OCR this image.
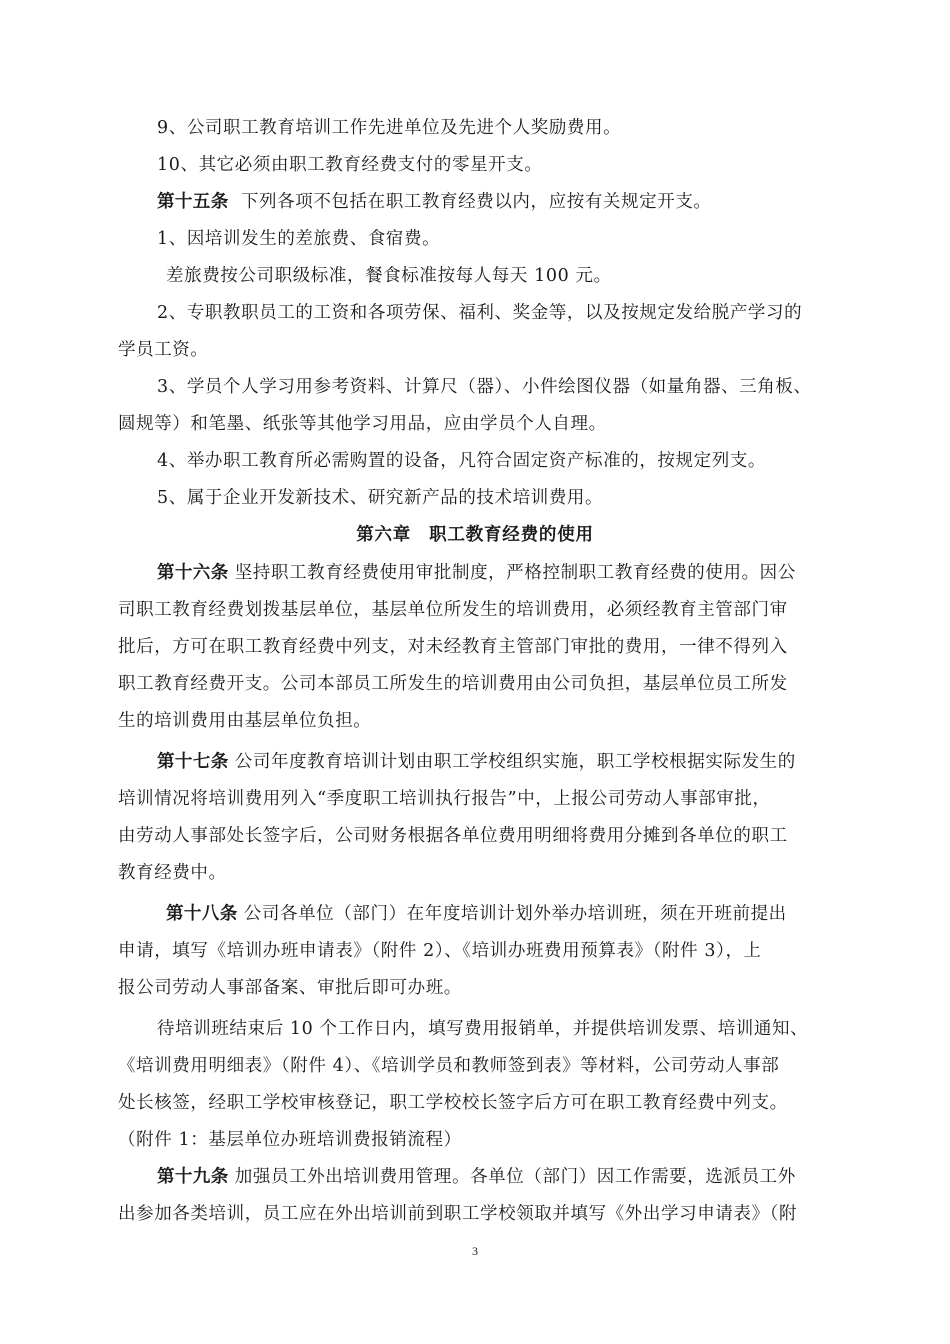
9、公司职工教育培训工作先进单位及先进个人奖励费用。
10、其它必须由职工教育经费支付的零星开支。
第十五条 下列各项不包括在职工教育经费以内，应按有关规定开支。
1、因培训发生的差旅费、食宿费。
差旅费按公司职级标准，餐食标准按每人每天 100 元。
2、专职教职员工的工资和各项劳保、福利、奖金等，以及按规定发给脱产学习的
学员工资。
3、学员个人学习用参考资料、计算尺（器）、小件绘图仪器（如量角器、三角板、
圆规等）和笔墨、纸张等其他学习用品，应由学员个人自理。
4、举办职工教育所必需购置的设备，凡符合固定资产标准的，按规定列支。
5、属于企业开发新技术、研究新产品的技术培训费用。
第六章 职工教育经费的使用
第十六条 坚持职工教育经费使用审批制度，严格控制职工教育经费的使用。因公
司职工教育经费划拨基层单位，基层单位所发生的培训费用，必须经教育主管部门审
批后，方可在职工教育经费中列支，对未经教育主管部门审批的费用，一律不得列入
职工教育经费开支。公司本部员工所发生的培训费用由公司负担，基层单位员工所发
生的培训费用由基层单位负担。
第十七条 公司年度教育培训计划由职工学校组织实施，职工学校根据实际发生的
培训情况将培训费用列入“季度职工培训执行报告”中，上报公司劳动人事部审批，
由劳动人事部处长签字后，公司财务根据各单位费用明细将费用分摊到各单位的职工
教育经费中。
第十八条 公司各单位（部门）在年度培训计划外举办培训班，须在开班前提出
申请，填写《培训办班申请表》（附件 2）、《培训办班费用预算表》（附件 3），上
报公司劳动人事部备案、审批后即可办班。
待培训班结束后 10 个工作日内，填写费用报销单，并提供培训发票、培训通知、
《培训费用明细表》（附件 4）、《培训学员和教师签到表》等材料，公司劳动人事部
处长核签，经职工学校审核登记，职工学校校长签字后方可在职工教育经费中列支。
（附件 1：基层单位办班培训费报销流程）
第十九条 加强员工外出培训费用管理。各单位（部门）因工作需要，选派员工外
出参加各类培训，员工应在外出培训前到职工学校领取并填写《外出学习申请表》（附
3
